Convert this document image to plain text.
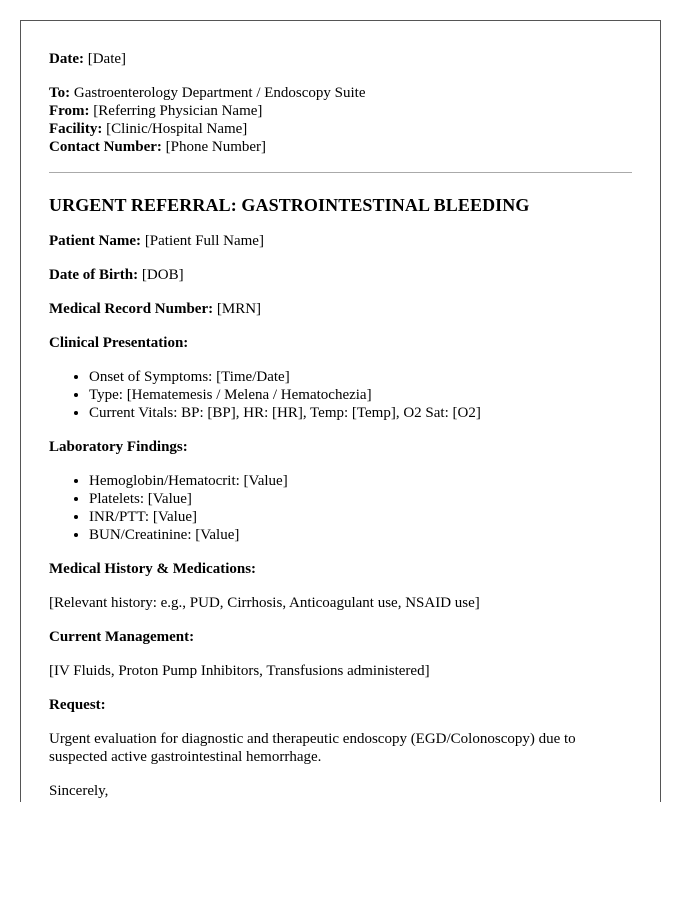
Date: [Date]

To: Gastroenterology Department / Endoscopy Suite

From: [Referring Physician Name]

Facility: [Clinic/Hospital Name]

Contact Number: [Phone Number]

URGENT REFERRAL: GASTROINTESTINAL BLEEDING

Patient Name: [Patient Full Name]

Date of Birth: [DOB]

Medical Record Number: [MRN]

Clinical Presentation:

• Onset of Symptoms: [Time/Date]
• Type: [Hematemesis / Melena / Hematochezia]
• Current Vitals: BP: [BP], HR: [HR], Temp: [Temp], O2 Sat: [O2]

Laboratory Findings:

• Hemoglobin/Hematocrit: [Value]
• Platelets: [Value]
• INR/PTT: [Value]
• BUN/Creatinine: [Value]

Medical History & Medications:

[Relevant history: e.g., PUD, Cirrhosis, Anticoagulant use, NSAID use]

Current Management:

[IV Fluids, Proton Pump Inhibitors, Transfusions administered]

Request:

Urgent evaluation for diagnostic and therapeutic endoscopy (EGD/Colonoscopy) due to suspected active gastrointestinal hemorrhage.

Sincerely,
